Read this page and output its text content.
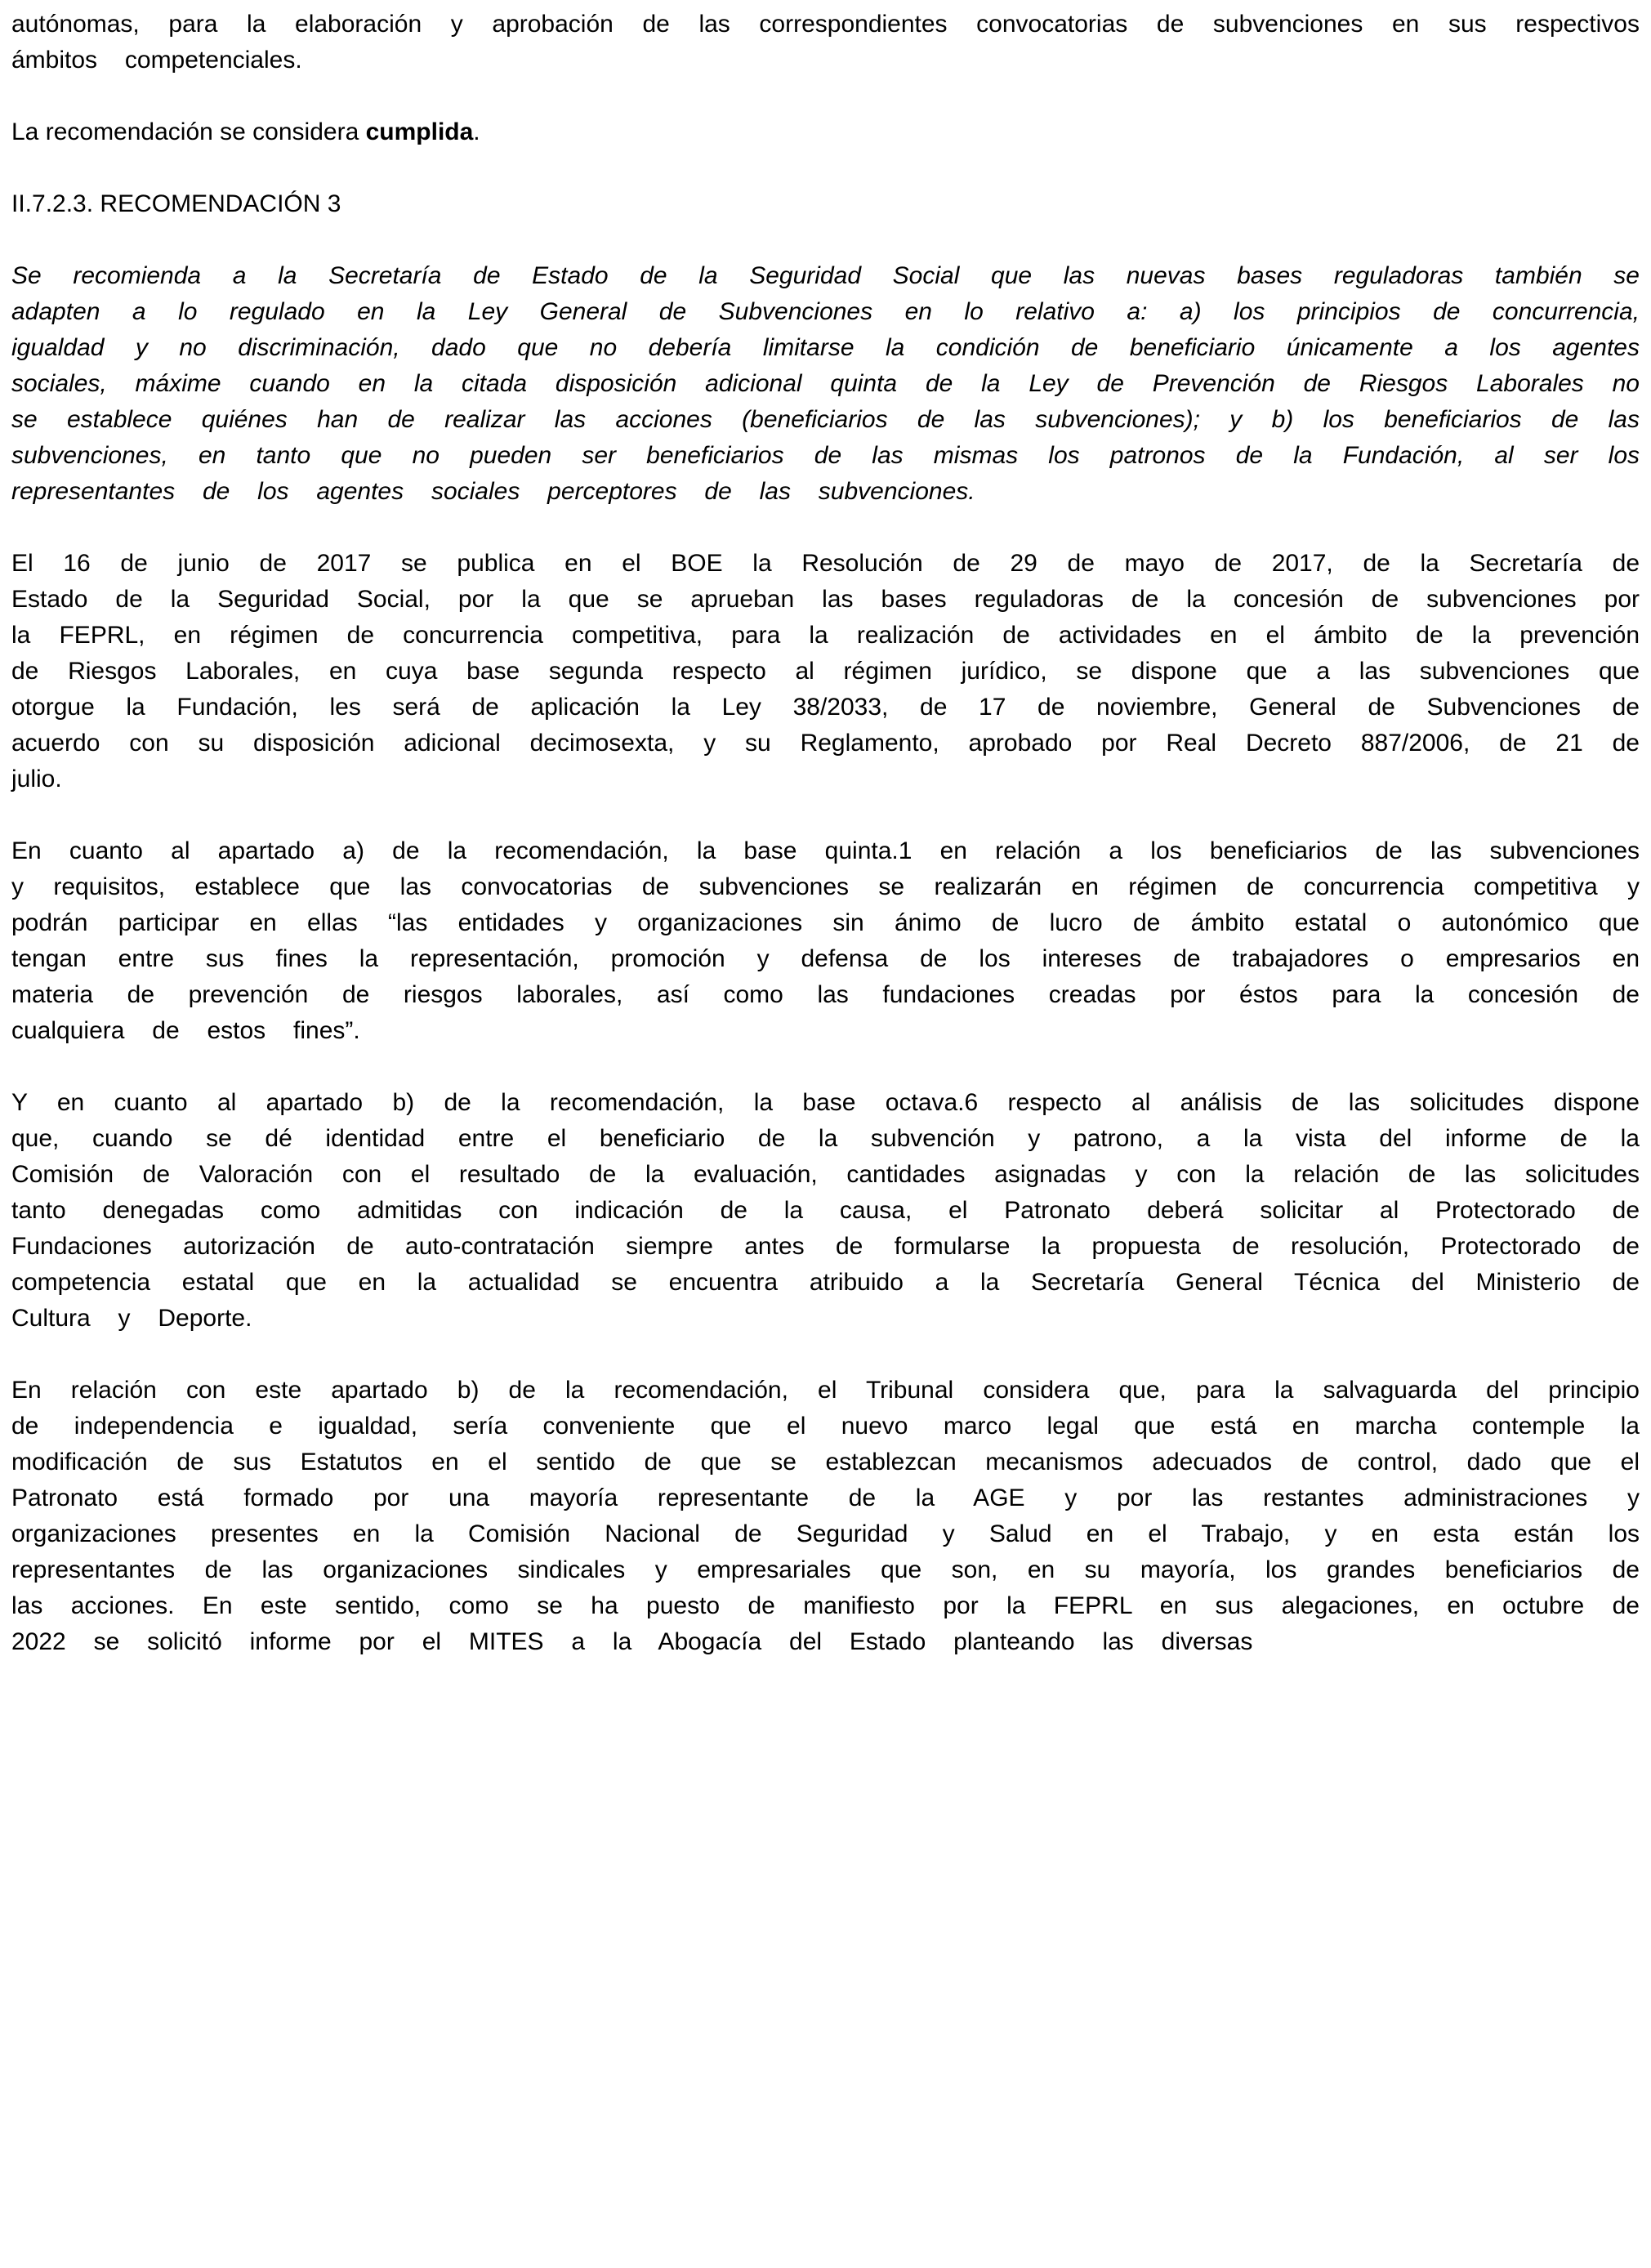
autónomas, para la elaboración y aprobación de las correspondientes convocatorias de subvenciones en sus respectivos ámbitos competenciales.

La recomendación se considera cumplida.

II.7.2.3. RECOMENDACIÓN 3

Se recomienda a la Secretaría de Estado de la Seguridad Social que las nuevas bases reguladoras también se adapten a lo regulado en la Ley General de Subvenciones en lo relativo a: a) los principios de concurrencia, igualdad y no discriminación, dado que no debería limitarse la condición de beneficiario únicamente a los agentes sociales, máxime cuando en la citada disposición adicional quinta de la Ley de Prevención de Riesgos Laborales no se establece quiénes han de realizar las acciones (beneficiarios de las subvenciones); y b) los beneficiarios de las subvenciones, en tanto que no pueden ser beneficiarios de las mismas los patronos de la Fundación, al ser los representantes de los agentes sociales perceptores de las subvenciones.

El 16 de junio de 2017 se publica en el BOE la Resolución de 29 de mayo de 2017, de la Secretaría de Estado de la Seguridad Social, por la que se aprueban las bases reguladoras de la concesión de subvenciones por la FEPRL, en régimen de concurrencia competitiva, para la realización de actividades en el ámbito de la prevención de Riesgos Laborales, en cuya base segunda respecto al régimen jurídico, se dispone que a las subvenciones que otorgue la Fundación, les será de aplicación la Ley 38/2033, de 17 de noviembre, General de Subvenciones de acuerdo con su disposición adicional decimosexta, y su Reglamento, aprobado por Real Decreto 887/2006, de 21 de julio.

En cuanto al apartado a) de la recomendación, la base quinta.1 en relación a los beneficiarios de las subvenciones y requisitos, establece que las convocatorias de subvenciones se realizarán en régimen de concurrencia competitiva y podrán participar en ellas “las entidades y organizaciones sin ánimo de lucro de ámbito estatal o autonómico que tengan entre sus fines la representación, promoción y defensa de los intereses de trabajadores o empresarios en materia de prevención de riesgos laborales, así como las fundaciones creadas por éstos para la concesión de cualquiera de estos fines”.

Y en cuanto al apartado b) de la recomendación, la base octava.6 respecto al análisis de las solicitudes dispone que, cuando se dé identidad entre el beneficiario de la subvención y patrono, a la vista del informe de la Comisión de Valoración con el resultado de la evaluación, cantidades asignadas y con la relación de las solicitudes tanto denegadas como admitidas con indicación de la causa, el Patronato deberá solicitar al Protectorado de Fundaciones autorización de auto-contratación siempre antes de formularse la propuesta de resolución, Protectorado de competencia estatal que en la actualidad se encuentra atribuido a la Secretaría General Técnica del Ministerio de Cultura y Deporte.

En relación con este apartado b) de la recomendación, el Tribunal considera que, para la salvaguarda del principio de independencia e igualdad, sería conveniente que el nuevo marco legal que está en marcha contemple la modificación de sus Estatutos en el sentido de que se establezcan mecanismos adecuados de control, dado que el Patronato está formado por una mayoría representante de la AGE y por las restantes administraciones y organizaciones presentes en la Comisión Nacional de Seguridad y Salud en el Trabajo, y en esta están los representantes de las organizaciones sindicales y empresariales que son, en su mayoría, los grandes beneficiarios de las acciones. En este sentido, como se ha puesto de manifiesto por la FEPRL en sus alegaciones, en octubre de 2022 se solicitó informe por el MITES a la Abogacía del Estado planteando las diversas
